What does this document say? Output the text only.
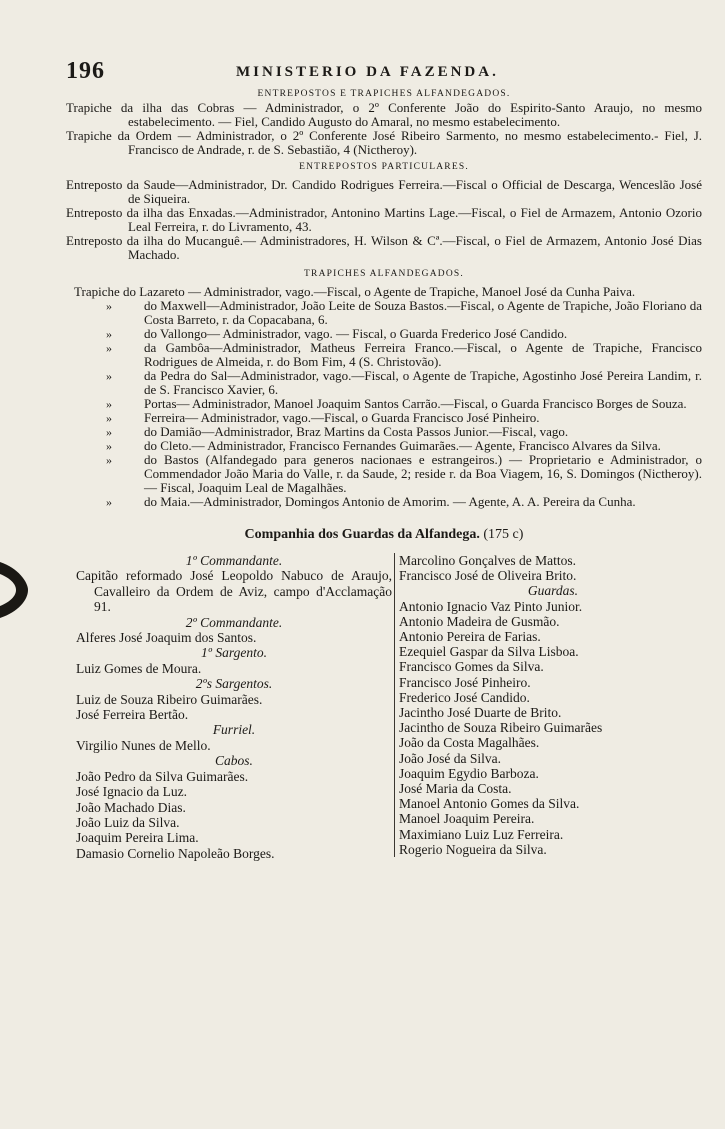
196	MINISTERIO DA FAZENDA.
ENTREPOSTOS E TRAPICHES ALFANDEGADOS.

Trapiche da ilha das Cobras — Administrador, o 2º Conferente João do Espirito-Santo Araujo, no mesmo estabelecimento. — Fiel, Candido Augusto do Amaral, no mesmo estabelecimento.

Trapiche da Ordem — Administrador, o 2º Conferente José Ribeiro Sarmento, no mesmo estabelecimento.- Fiel, J. Francisco de Andrade, r. de S. Sebastião, 4 (Nictheroy).

ENTREPOSTOS PARTICULARES.

Entreposto da Saude—Administrador, Dr. Candido Rodrigues Ferreira.—Fiscal o Official de Descarga, Wenceslão José de Siqueira.

Entreposto da ilha das Enxadas.—Administrador, Antonino Martins Lage.—Fiscal, o Fiel de Armazem, Antonio Ozorio Leal Ferreira, r. do Livramento, 43.

Entreposto da ilha do Mucanguê.— Administradores, H. Wilson & Cª.—Fiscal, o Fiel de Armazem, Antonio José Dias Machado.

TRAPICHES ALFANDEGADOS.

Trapiche do Lazareto — Administrador, vago.—Fiscal, o Agente de Trapiche, Manoel José da Cunha Paiva.

»	do Maxwell—Administrador, João Leite de Souza Bastos.—Fiscal, o Agente de Trapiche, João Floriano da Costa Barreto, r. da Copacabana, 6.

»	do Vallongo— Administrador, vago. — Fiscal, o Guarda Frederico José Candido.

»	da Gambôa—Administrador, Matheus Ferreira Franco.—Fiscal, o Agente de Trapiche, Francisco Rodrigues de Almeida, r. do Bom Fim, 4 (S. Christovão).

»	da Pedra do Sal—Administrador, vago.—Fiscal, o Agente de Trapiche, Agostinho José Pereira Landim, r. de S. Francisco Xavier, 6.

»	Portas— Administrador, Manoel Joaquim Santos Carrão.—Fiscal, o Guarda Francisco Borges de Souza.

»	Ferreira— Administrador, vago.—Fiscal, o Guarda Francisco José Pinheiro.

»	do Damião—Administrador, Braz Martins da Costa Passos Junior.—Fiscal, vago.

»	do Cleto.— Administrador, Francisco Fernandes Guimarães.— Agente, Francisco Alvares da Silva.

»	do Bastos (Alfandegado para generos nacionaes e estrangeiros.) — Proprietario e Administrador, o Commendador João Maria do Valle, r. da Saude, 2; reside r. da Boa Viagem, 16, S. Domingos (Nictheroy). — Fiscal, Joaquim Leal de Magalhães.

»	do Maia.—Administrador, Domingos Antonio de Amorim. — Agente, A. A. Pereira da Cunha.

Companhia dos Guardas da Alfandega. (175 c)
1º Commandante.
Capitão reformado José Leopoldo Nabuco de Araujo, Cavalleiro da Ordem de Aviz, campo d'Acclamação 91.
2º Commandante.
Alferes José Joaquim dos Santos.
1º Sargento.
Luiz Gomes de Moura.
2ºs Sargentos.
Luiz de Souza Ribeiro Guimarães.
José Ferreira Bertão.
Furriel.
Virgilio Nunes de Mello.
Cabos.
João Pedro da Silva Guimarães.
José Ignacio da Luz.
João Machado Dias.
João Luiz da Silva.
Joaquim Pereira Lima.
Damasio Cornelio Napoleão Borges.
Marcolino Gonçalves de Mattos.
Francisco José de Oliveira Brito.
Guardas.
Antonio Ignacio Vaz Pinto Junior.
Antonio Madeira de Gusmão.
Antonio Pereira de Farias.
Ezequiel Gaspar da Silva Lisboa.
Francisco Gomes da Silva.
Francisco José Pinheiro.
Frederico José Candido.
Jacintho José Duarte de Brito.
Jacintho de Souza Ribeiro Guimarães
João da Costa Magalhães.
João José da Silva.
Joaquim Egydio Barboza.
José Maria da Costa.
Manoel Antonio Gomes da Silva.
Manoel Joaquim Pereira.
Maximiano Luiz Luz Ferreira.
Rogerio Nogueira da Silva.
